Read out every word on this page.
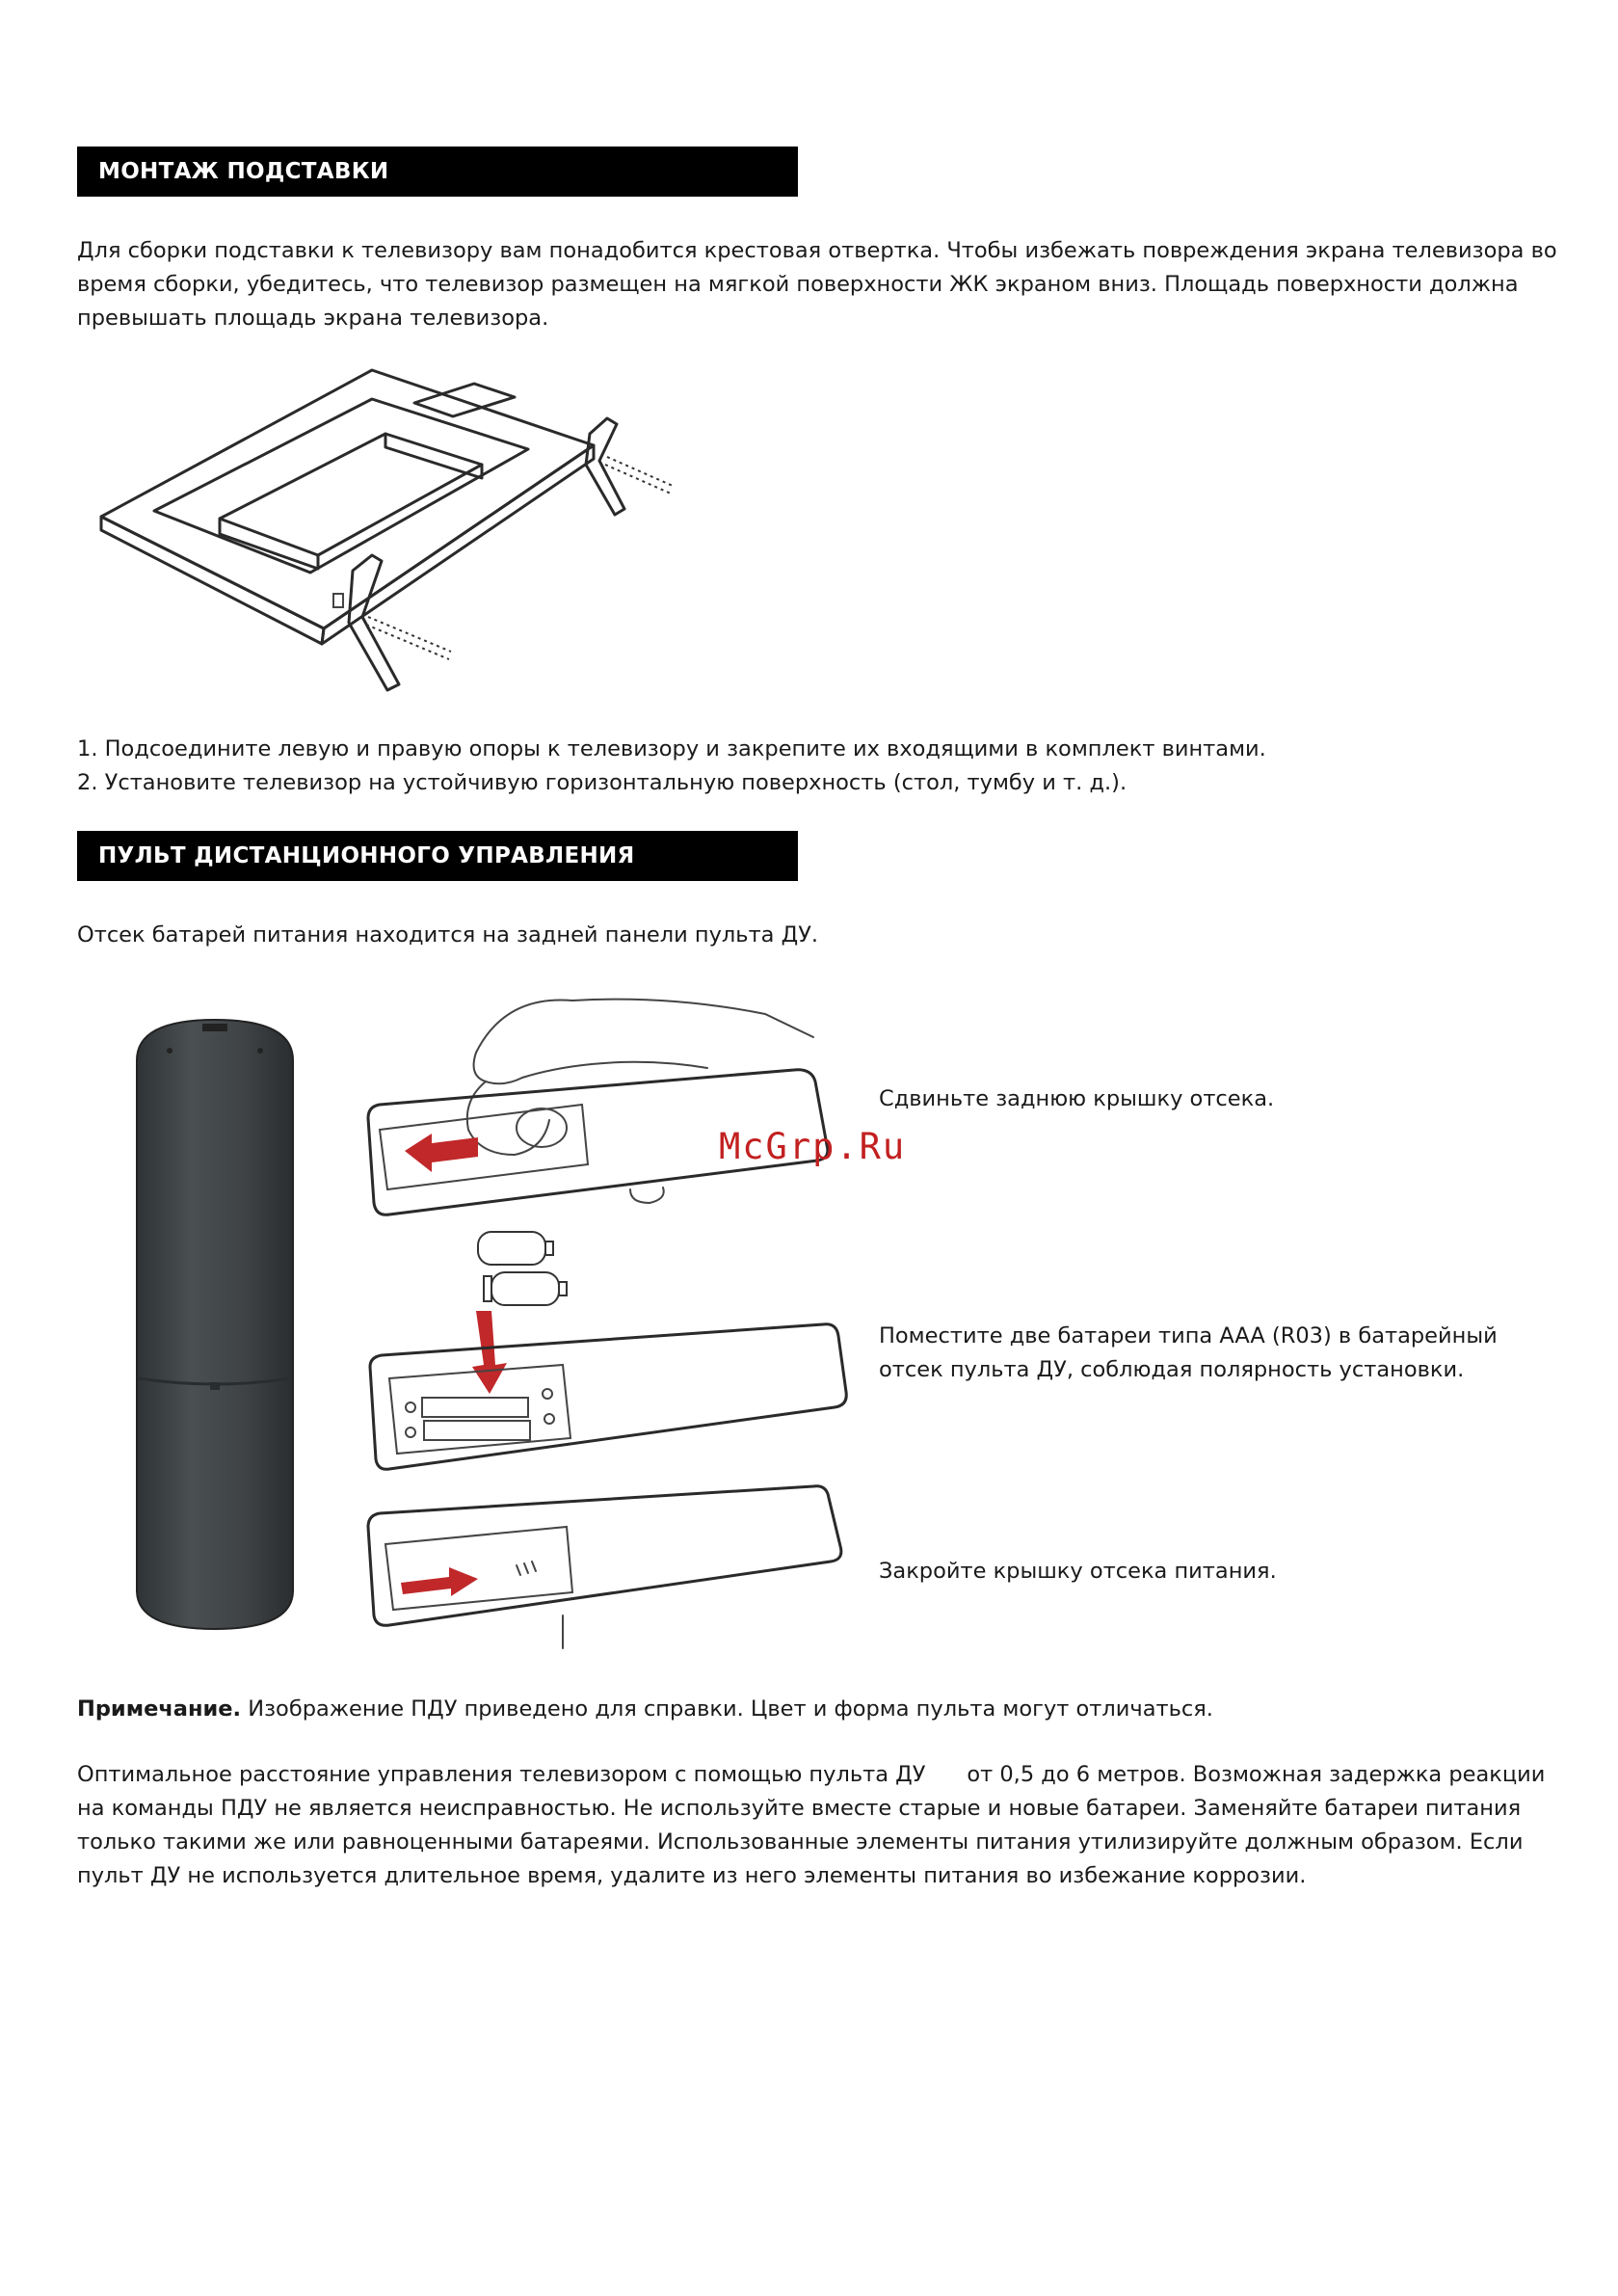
МОНТАЖ ПОДСТАВКИ

Для сборки подставки к телевизору вам понадобится крестовая отвертка. Чтобы избежать повреждения экрана телевизора во время сборки, убедитесь, что телевизор размещен на мягкой поверхности ЖК экраном вниз. Площадь поверхности должна превышать площадь экрана телевизора.

1. Подсоедините левую и правую опоры к телевизору и закрепите их входящими в комплект винтами.

2. Установите телевизор на устойчивую горизонтальную поверхность (стол, тумбу и т. д.).

ПУЛЬТ ДИСТАНЦИОННОГО УПРАВЛЕНИЯ

Отсек батарей питания находится на задней панели пульта ДУ.

McGrp.Ru

Сдвиньте заднюю крышку отсека.

Поместите две батареи типа AAA (R03) в батарейный отсек пульта ДУ, соблюдая полярность установки.

Закройте крышку отсека питания.

Примечание. Изображение ПДУ приведено для справки. Цвет и форма пульта могут отличаться.

Оптимальное расстояние управления телевизором с помощью пульта ДУ      от 0,5 до 6 метров. Возможная задержка реакции на команды ПДУ не является неисправностью. Не используйте вместе старые и новые батареи. Заменяйте батареи питания только такими же или равноценными батареями. Использованные элементы питания утилизируйте должным образом. Если пульт ДУ не используется длительное время, удалите из него элементы питания во избежание коррозии.
